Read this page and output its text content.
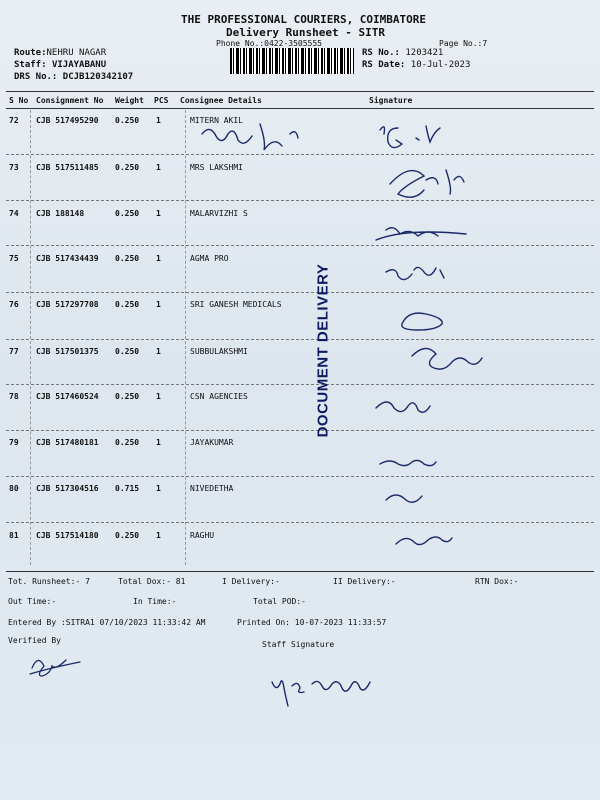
THE PROFESSIONAL COURIERS, COIMBATORE
Delivery Runsheet - SITR
Phone No.:0422-3505555	Page No.:7
Route:NEHRU NAGAR
Staff: VIJAYABANU
DRS No.: DCJB120342107
RS No.: 1203421
RS Date: 10-Jul-2023
S No Consignment No Weight PCS Consignee Details	Signature
72 CJB 517495290 0.250 1	MITERN AKIL
73 CJB 517511485 0.250 1	MRS LAKSHMI
74 CJB 188148	0.250 1	MALARVIZHI S
75 CJB 517434439 0.250 1	AGMA PRO
76 CJB 517297708 0.250 1	SRI GANESH MEDICALS
77 CJB 517501375 0.250 1	SUBBULAKSHMI
78 CJB 517460524 0.250 1	CSN AGENCIES
79 CJB 517480181 0.250 1	JAYAKUMAR
80 CJB 517304516 0.715 1	NIVEDETHA
81 CJB 517514180 0.250 1	RAGHU
DOCUMENT DELIVERY
Tot. Runsheet:- 7	Total Dox:- 81	I Delivery:-	II Delivery:-	RTN Dox:-
Out Time:-	In Time:-	Total POD:-
Entered By :SITRA1 07/10/2023 11:33:42 AM	Printed On: 10-07-2023 11:33:57
Verified By	Staff Signature
